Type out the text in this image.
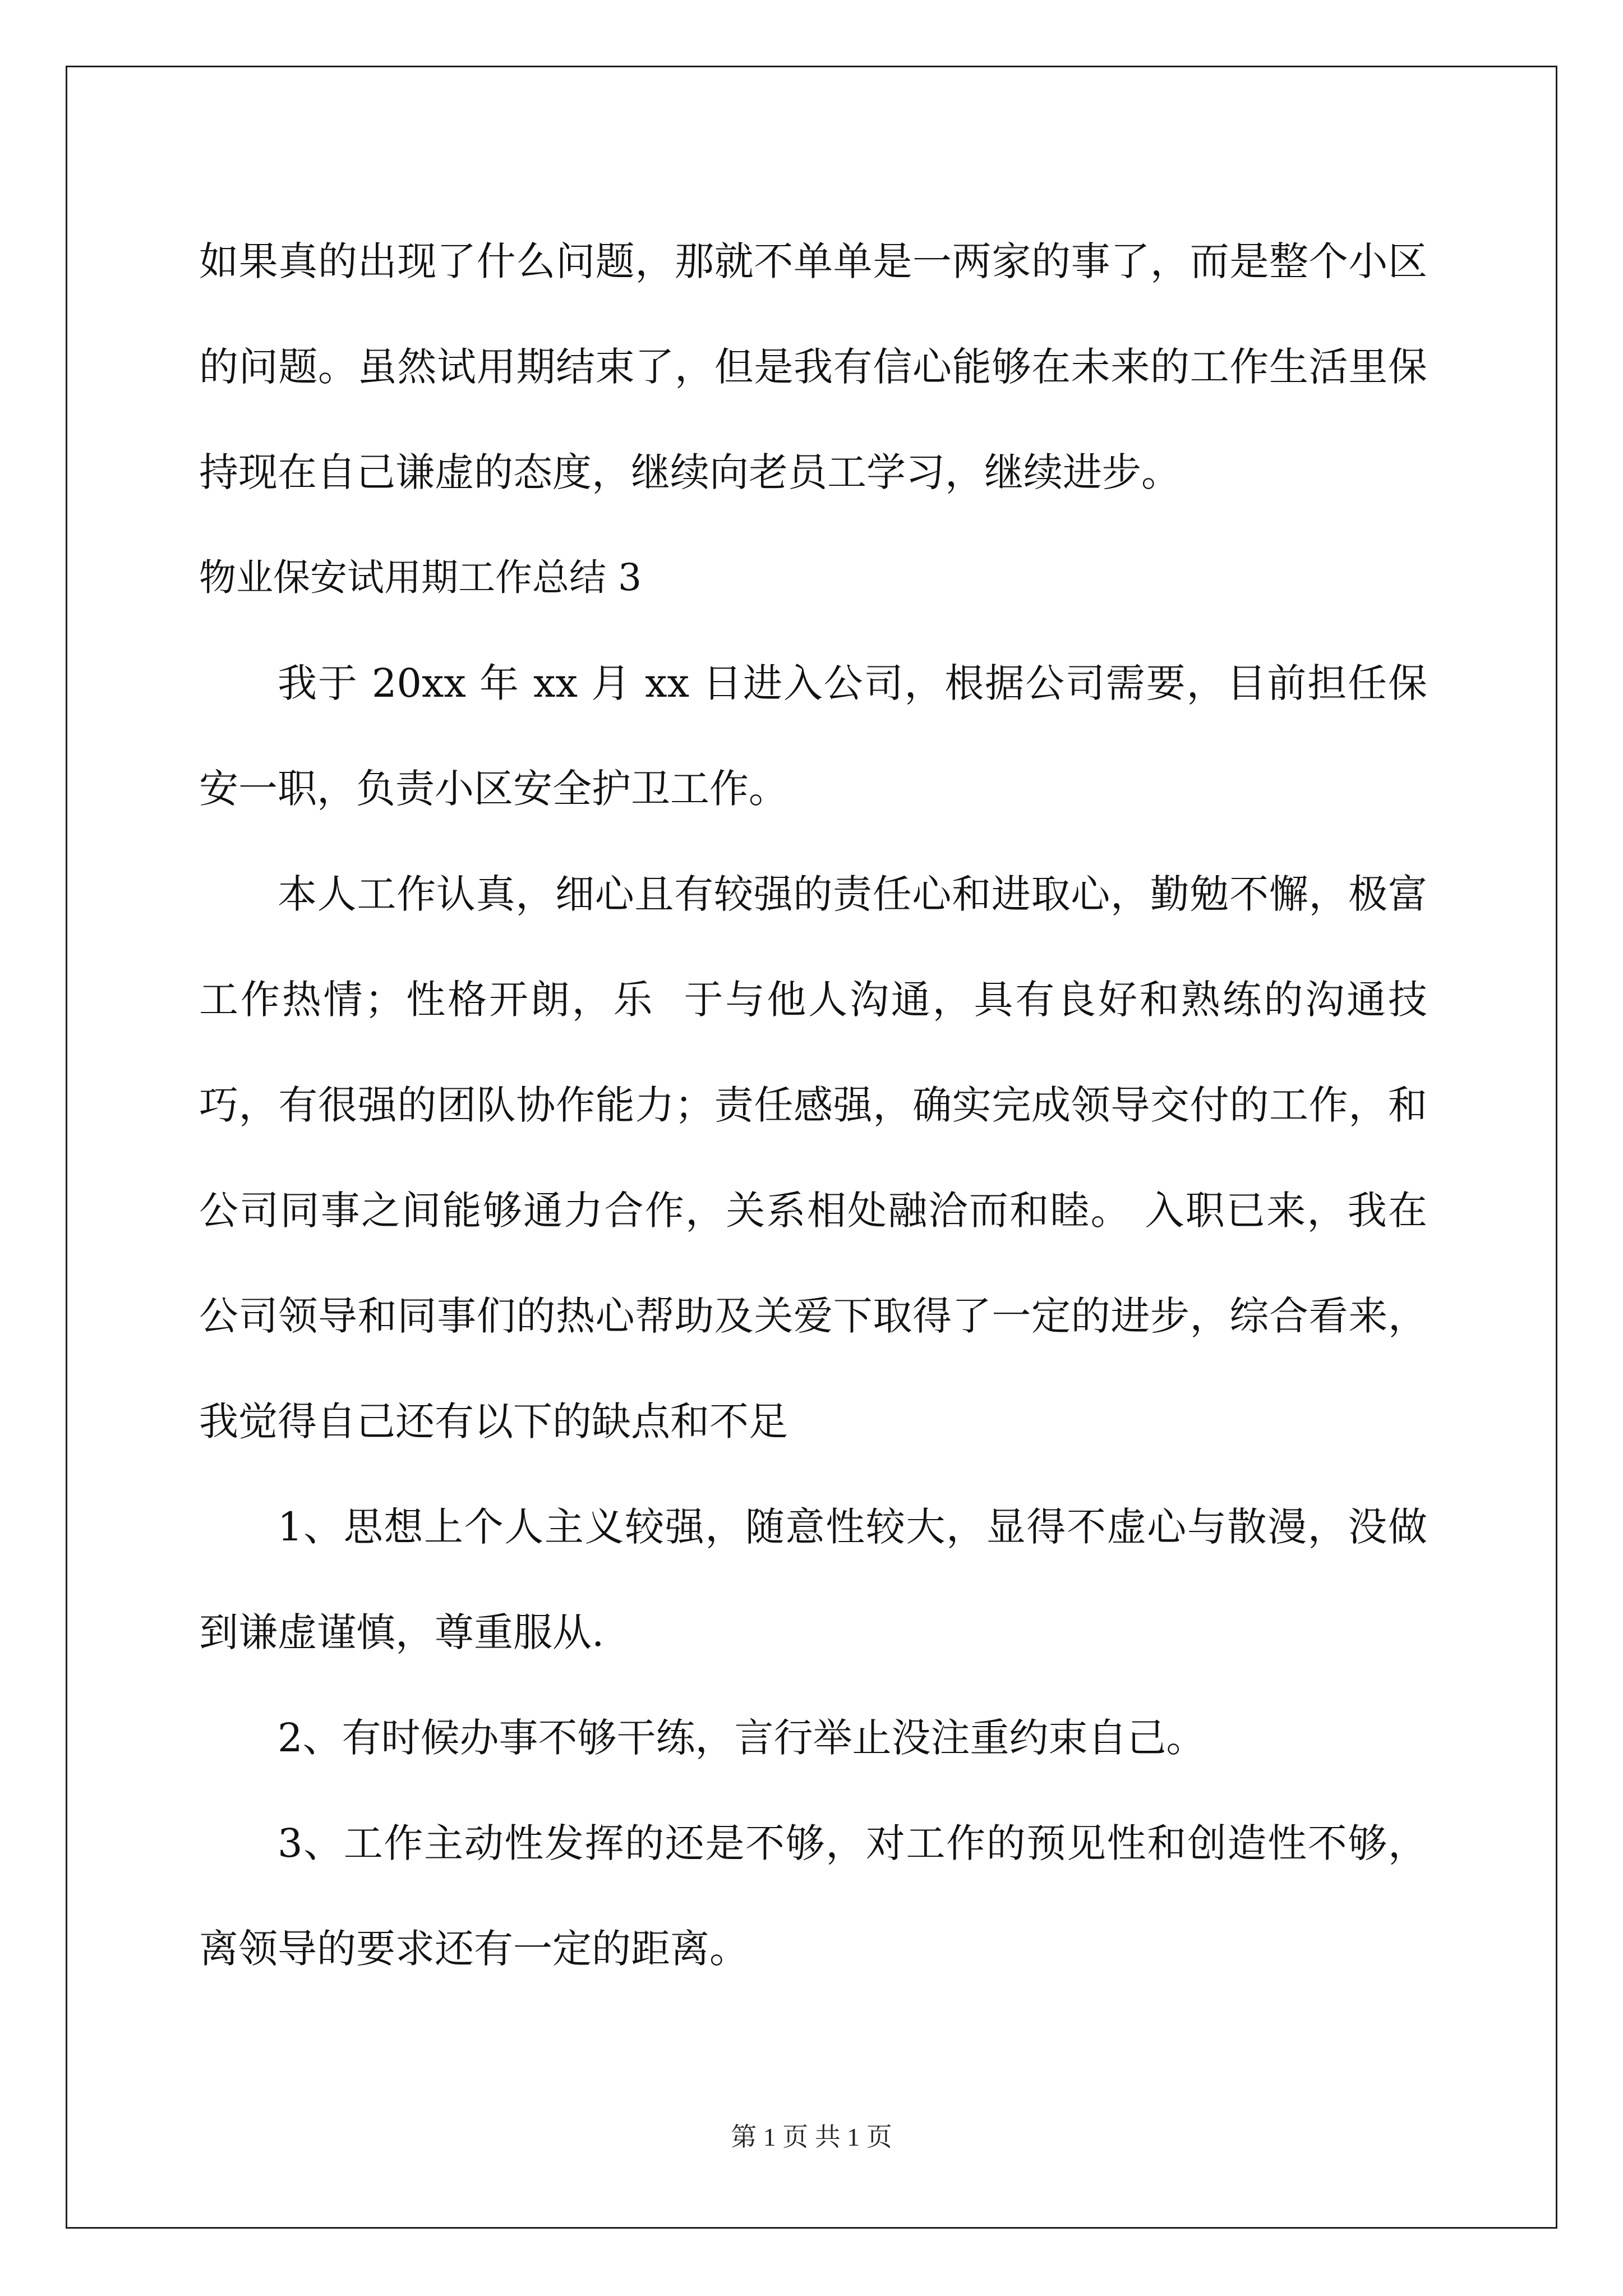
如果真的出现了什么问题，那就不单单是一两家的事了，而是整个小区的问题。虽然试用期结束了，但是我有信心能够在未来的工作生活里保持现在自己谦虚的态度，继续向老员工学习，继续进步。

物业保安试用期工作总结 3

我于 20xx 年 xx 月 xx 日进入公司，根据公司需要，目前担任保安一职，负责小区安全护卫工作。

本人工作认真，细心且有较强的责任心和进取心，勤勉不懈，极富  工作热情；性格开朗，乐  于与他人沟通，具有良好和熟练的沟通技巧，有很强的团队协作能力；责任感强，确实完成领导交付的工作，和公司同事之间能够通力合作，关系相处融洽而和睦。 入职已来，我在  公司领导和同事们的热心帮助及关爱下取得了一定的进步，综合看来，我觉得自己还有以下的缺点和不足

1、思想上个人主义较强，随意性较大，显得不虚心与散漫，没做到谦虚谨慎，尊重服从.

2、有时候办事不够干练，言行举止没注重约束自己。

3、工作主动性发挥的还是不够，对工作的预见性和创造性不够，离领导的要求还有一定的距离。

第 1 页 共 1 页
